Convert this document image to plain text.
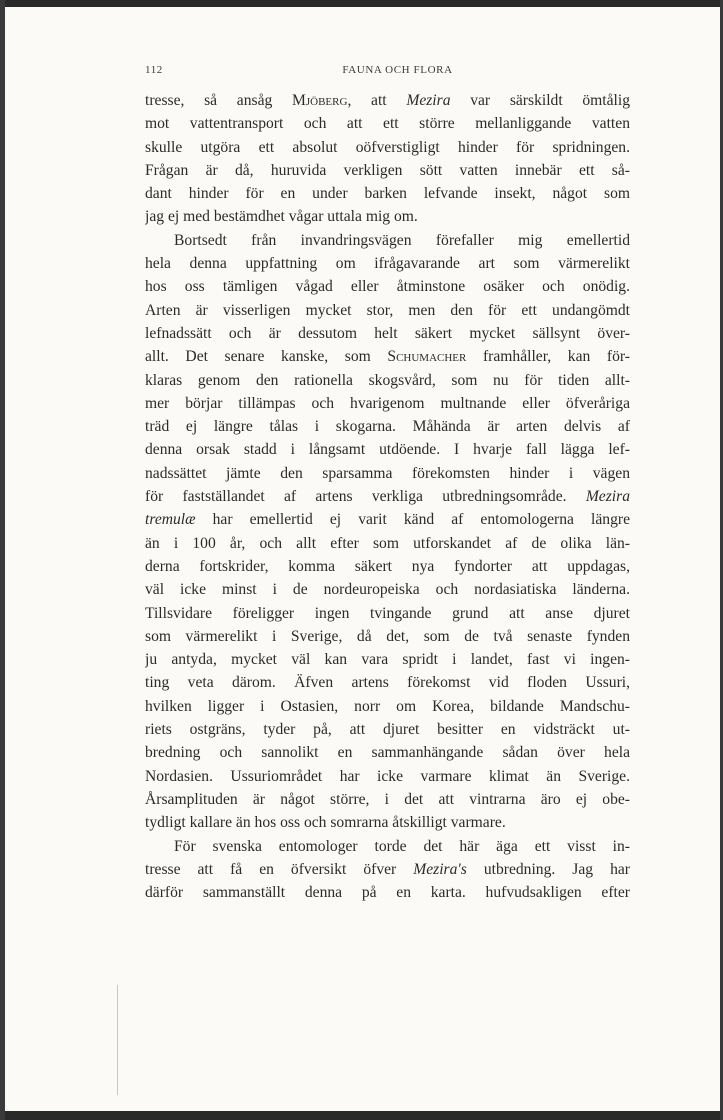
112	FAUNA OCH FLORA
tresse, så ansåg Mjöberg, att Mezira var särskildt ömtålig
mot vattentransport och att ett större mellanliggande vatten
skulle utgöra ett absolut oöfverstigligt hinder för spridningen.
Frågan är då, huruvida verkligen sött vatten innebär ett så-
dant hinder för en under barken lefvande insekt, något som
jag ej med bestämdhet vågar uttala mig om.
Bortsedt från invandringsvägen förefaller mig emellertid
hela denna uppfattning om ifrågavarande art som värmerelikt
hos oss tämligen vågad eller åtminstone osäker och onödig.
Arten är visserligen mycket stor, men den för ett undangömdt
lefnadssätt och är dessutom helt säkert mycket sällsynt över-
allt. Det senare kanske, som Schumacher framhåller, kan för-
klaras genom den rationella skogsvård, som nu för tiden allt-
mer börjar tillämpas och hvarigenom multnande eller öfveråriga
träd ej längre tålas i skogarna. Måhända är arten delvis af
denna orsak stadd i långsamt utdöende. I hvarje fall lägga lef-
nadssättet jämte den sparsamma förekomsten hinder i vägen
för fastställandet af artens verkliga utbredningsområde. Mezira
tremulæ har emellertid ej varit känd af entomologerna längre
än i 100 år, och allt efter som utforskandet af de olika län-
derna fortskrider, komma säkert nya fyndorter att uppdagas,
väl icke minst i de nordeuropeiska och nordasiatiska länderna.
Tillsvidare föreligger ingen tvingande grund att anse djuret
som värmerelikt i Sverige, då det, som de två senaste fynden
ju antyda, mycket väl kan vara spridt i landet, fast vi ingen-
ting veta därom. Äfven artens förekomst vid floden Ussuri,
hvilken ligger i Ostasien, norr om Korea, bildande Mandschu-
riets ostgräns, tyder på, att djuret besitter en vidsträckt ut-
bredning och sannolikt en sammanhängande sådan över hela
Nordasien. Ussuriområdet har icke varmare klimat än Sverige.
Årsamplituden är något större, i det att vintrarna äro ej obe-
tydligt kallare än hos oss och somrarna åtskilligt varmare.
För svenska entomologer torde det här äga ett visst in-
tresse att få en öfversikt öfver Mezira's utbredning. Jag har
därför sammanställt denna på en karta. hufvudsakligen efter
